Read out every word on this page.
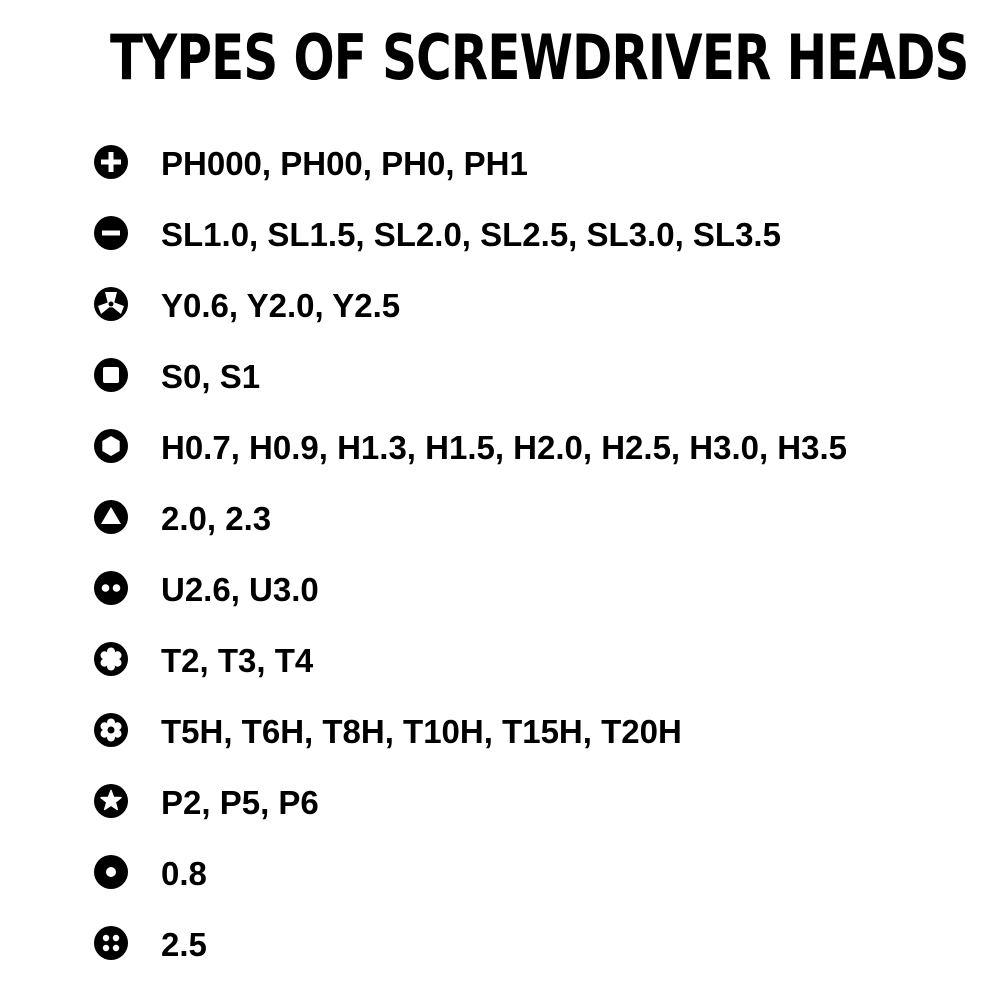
TYPES OF SCREWDRIVER HEADS
PH000, PH00, PH0, PH1
SL1.0, SL1.5, SL2.0, SL2.5, SL3.0, SL3.5
Y0.6, Y2.0, Y2.5
S0, S1
H0.7, H0.9, H1.3, H1.5, H2.0, H2.5, H3.0, H3.5
2.0, 2.3
U2.6, U3.0
T2, T3, T4
T5H, T6H, T8H, T10H, T15H, T20H
P2, P5, P6
0.8
2.5
